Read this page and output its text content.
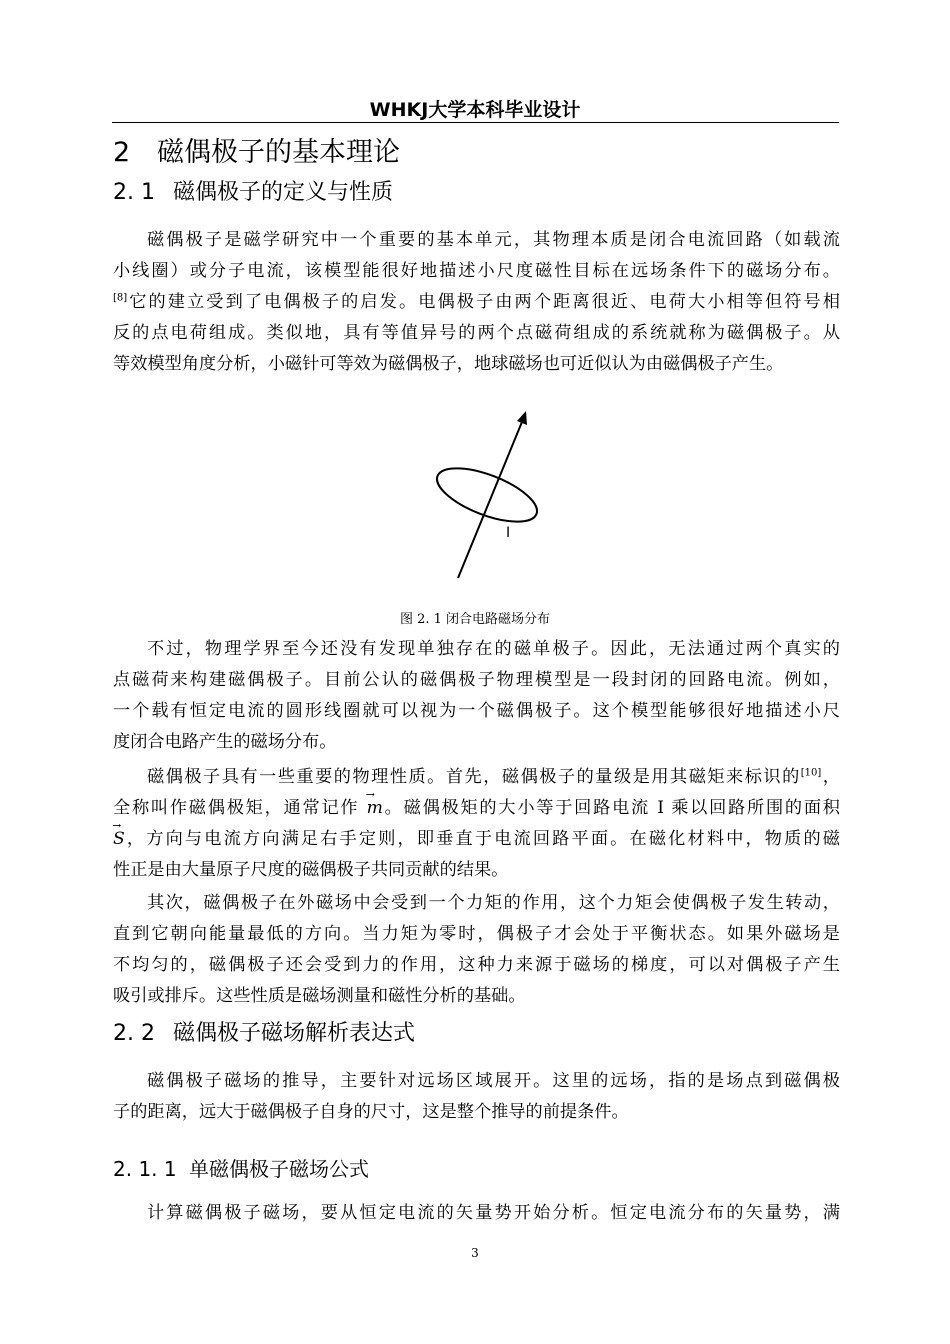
WHKJ大学本科毕业设计
2 磁偶极子的基本理论
2. 1 磁偶极子的定义与性质
磁偶极子是磁学研究中一个重要的基本单元，其物理本质是闭合电流回路（如载流
小线圈）或分子电流，该模型能很好地描述小尺度磁性目标在远场条件下的磁场分布。
[8]它的建立受到了电偶极子的启发。电偶极子由两个距离很近、电荷大小相等但符号相
反的点电荷组成。类似地，具有等值异号的两个点磁荷组成的系统就称为磁偶极子。从
等效模型角度分析，小磁针可等效为磁偶极子，地球磁场也可近似认为由磁偶极子产生。
I
图 2. 1 闭合电路磁场分布
不过，物理学界至今还没有发现单独存在的磁单极子。因此，无法通过两个真实的
点磁荷来构建磁偶极子。目前公认的磁偶极子物理模型是一段封闭的回路电流。例如，
一个载有恒定电流的圆形线圈就可以视为一个磁偶极子。这个模型能够很好地描述小尺
度闭合电路产生的磁场分布。
磁偶极子具有一些重要的物理性质。首先，磁偶极子的量级是用其磁矩来标识的[10]，
全称叫作磁偶极矩，通常记作 → m。磁偶极矩的大小等于回路电流 I 乘以回路所围的面积
→ S，方向与电流方向满足右手定则，即垂直于电流回路平面。在磁化材料中，物质的磁
性正是由大量原子尺度的磁偶极子共同贡献的结果。
其次，磁偶极子在外磁场中会受到一个力矩的作用，这个力矩会使偶极子发生转动，
直到它朝向能量最低的方向。当力矩为零时，偶极子才会处于平衡状态。如果外磁场是
不均匀的，磁偶极子还会受到力的作用，这种力来源于磁场的梯度，可以对偶极子产生
吸引或排斥。这些性质是磁场测量和磁性分析的基础。
2. 2 磁偶极子磁场解析表达式
磁偶极子磁场的推导，主要针对远场区域展开。这里的远场，指的是场点到磁偶极
子的距离，远大于磁偶极子自身的尺寸，这是整个推导的前提条件。
2. 1. 1 单磁偶极子磁场公式
计算磁偶极子磁场，要从恒定电流的矢量势开始分析。恒定电流分布的矢量势，满
3
